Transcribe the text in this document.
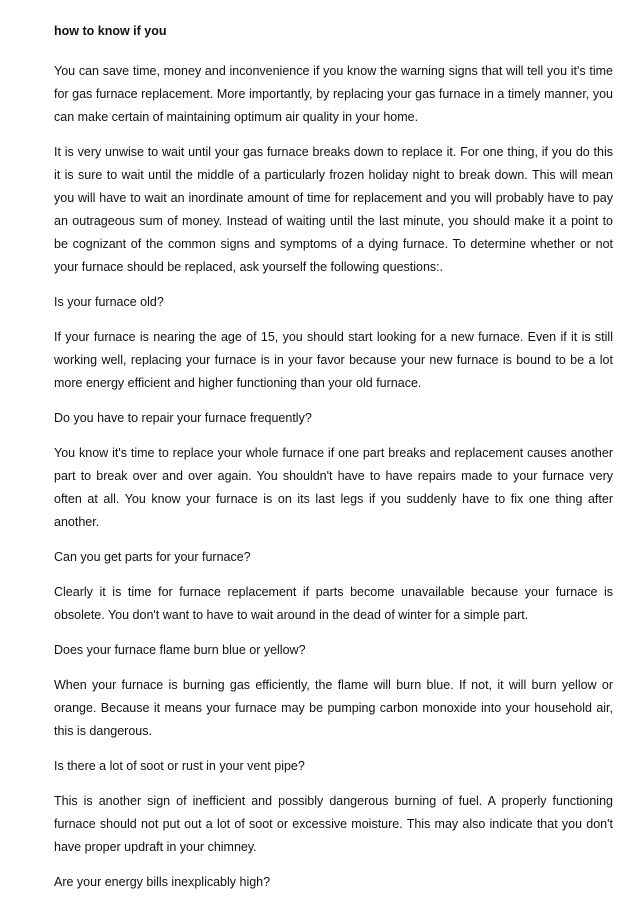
how to know if you

You can save time, money and inconvenience if you know the warning signs that will tell you it's time for gas furnace replacement. More importantly, by replacing your gas furnace in a timely manner, you can make certain of maintaining optimum air quality in your home.

It is very unwise to wait until your gas furnace breaks down to replace it. For one thing, if you do this it is sure to wait until the middle of a particularly frozen holiday night to break down. This will mean you will have to wait an inordinate amount of time for replacement and you will probably have to pay an outrageous sum of money. Instead of waiting until the last minute, you should make it a point to be cognizant of the common signs and symptoms of a dying furnace. To determine whether or not your furnace should be replaced, ask yourself the following questions:.

Is your furnace old?

If your furnace is nearing the age of 15, you should start looking for a new furnace. Even if it is still working well, replacing your furnace is in your favor because your new furnace is bound to be a lot more energy efficient and higher functioning than your old furnace.

Do you have to repair your furnace frequently?

You know it's time to replace your whole furnace if one part breaks and replacement causes another part to break over and over again. You shouldn't have to have repairs made to your furnace very often at all. You know your furnace is on its last legs if you suddenly have to fix one thing after another.

Can you get parts for your furnace?

Clearly it is time for furnace replacement if parts become unavailable because your furnace is obsolete. You don't want to have to wait around in the dead of winter for a simple part.

Does your furnace flame burn blue or yellow?

When your furnace is burning gas efficiently, the flame will burn blue. If not, it will burn yellow or orange. Because it means your furnace may be pumping carbon monoxide into your household air, this is dangerous.

Is there a lot of soot or rust in your vent pipe?

This is another sign of inefficient and possibly dangerous burning of fuel. A properly functioning furnace should not put out a lot of soot or excessive moisture. This may also indicate that you don't have proper updraft in your chimney.

Are your energy bills inexplicably high?
